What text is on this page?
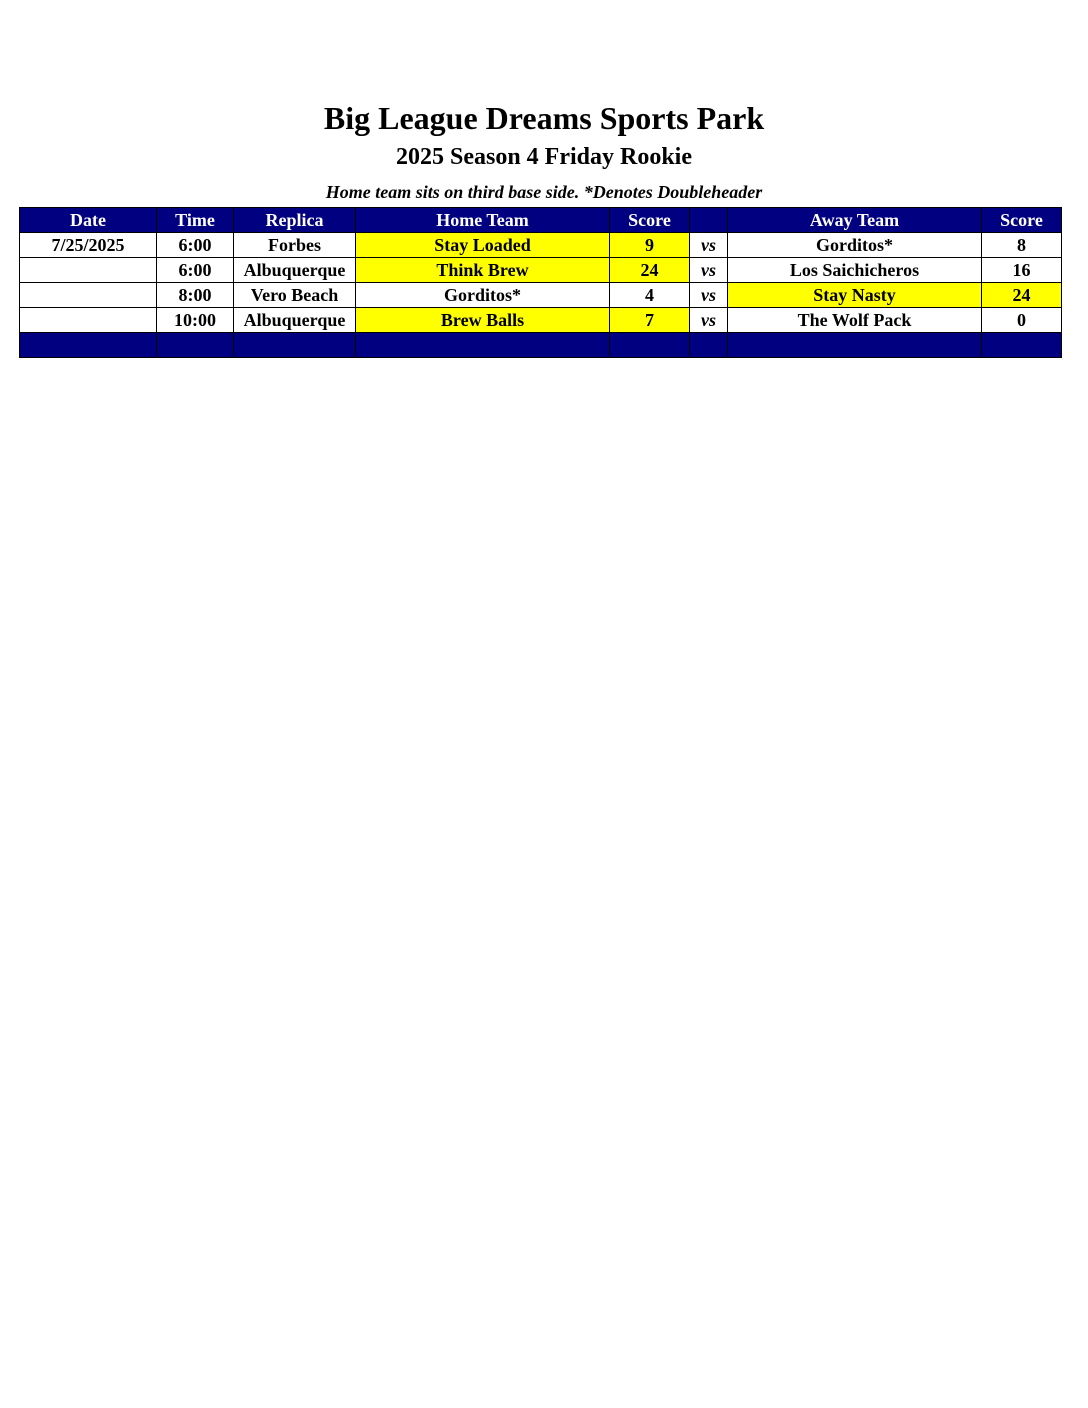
Big League Dreams Sports Park
2025 Season 4 Friday Rookie
Home team sits on third base side. *Denotes Doubleheader
Date	Time	Replica	Home Team	Score		Away Team	Score
7/25/2025	6:00	Forbes	Stay Loaded	9	vs	Gorditos*	8
	6:00	Albuquerque	Think Brew	24	vs	Los Saichicheros	16
	8:00	Vero Beach	Gorditos*	4	vs	Stay Nasty	24
	10:00	Albuquerque	Brew Balls	7	vs	The Wolf Pack	0
